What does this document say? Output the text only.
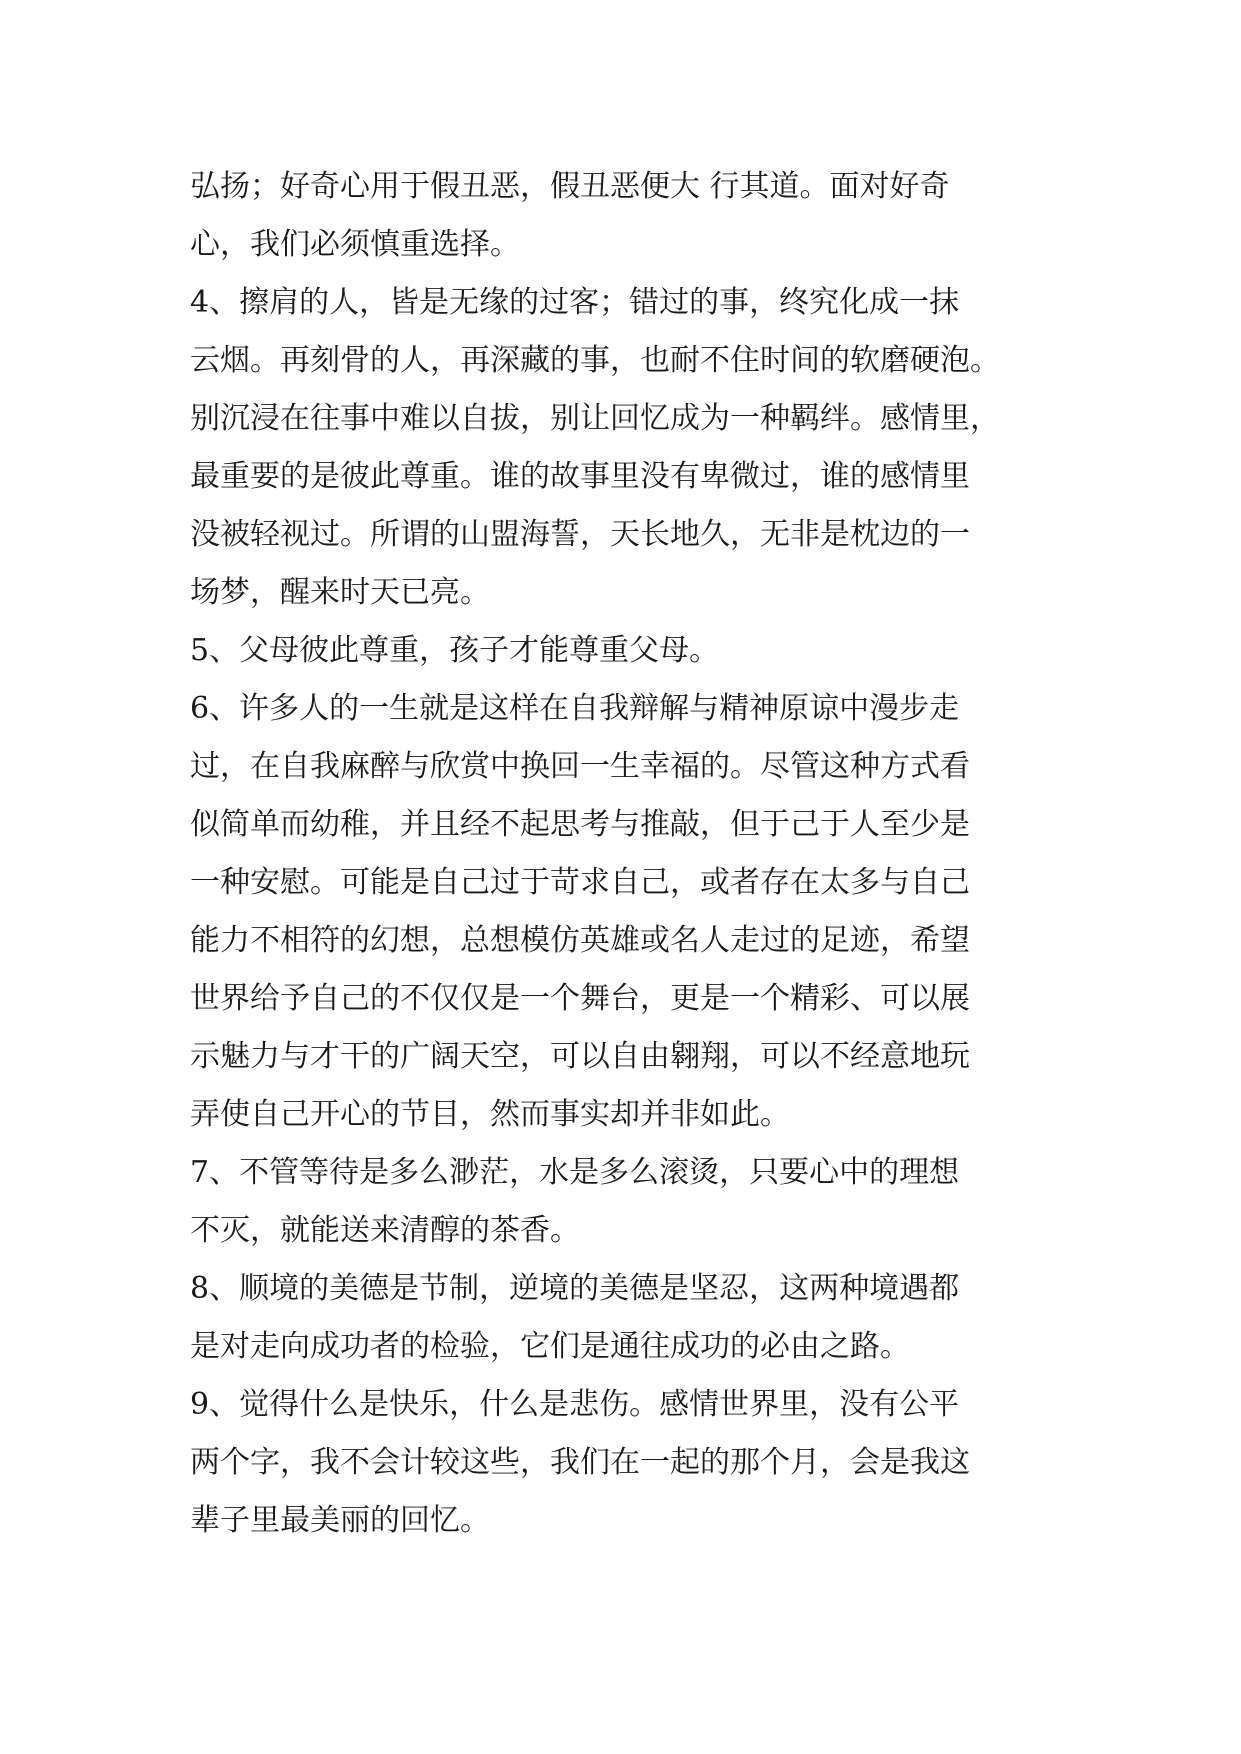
弘扬；好奇心用于假丑恶，假丑恶便大 行其道。面对好奇
心，我们必须慎重选择。
4、擦肩的人，皆是无缘的过客；错过的事，终究化成一抹
云烟。再刻骨的人，再深藏的事，也耐不住时间的软磨硬泡。
别沉浸在往事中难以自拔，别让回忆成为一种羁绊。感情里，
最重要的是彼此尊重。谁的故事里没有卑微过，谁的感情里
没被轻视过。所谓的山盟海誓，天长地久，无非是枕边的一
场梦，醒来时天已亮。
5、父母彼此尊重，孩子才能尊重父母。
6、许多人的一生就是这样在自我辩解与精神原谅中漫步走
过，在自我麻醉与欣赏中换回一生幸福的。尽管这种方式看
似简单而幼稚，并且经不起思考与推敲，但于己于人至少是
一种安慰。可能是自己过于苛求自己，或者存在太多与自己
能力不相符的幻想，总想模仿英雄或名人走过的足迹，希望
世界给予自己的不仅仅是一个舞台，更是一个精彩、可以展
示魅力与才干的广阔天空，可以自由翱翔，可以不经意地玩
弄使自己开心的节目，然而事实却并非如此。
7、不管等待是多么渺茫，水是多么滚烫，只要心中的理想
不灭，就能送来清醇的茶香。
8、顺境的美德是节制，逆境的美德是坚忍，这两种境遇都
是对走向成功者的检验，它们是通往成功的必由之路。
9、觉得什么是快乐，什么是悲伤。感情世界里，没有公平
两个字，我不会计较这些，我们在一起的那个月，会是我这
辈子里最美丽的回忆。
